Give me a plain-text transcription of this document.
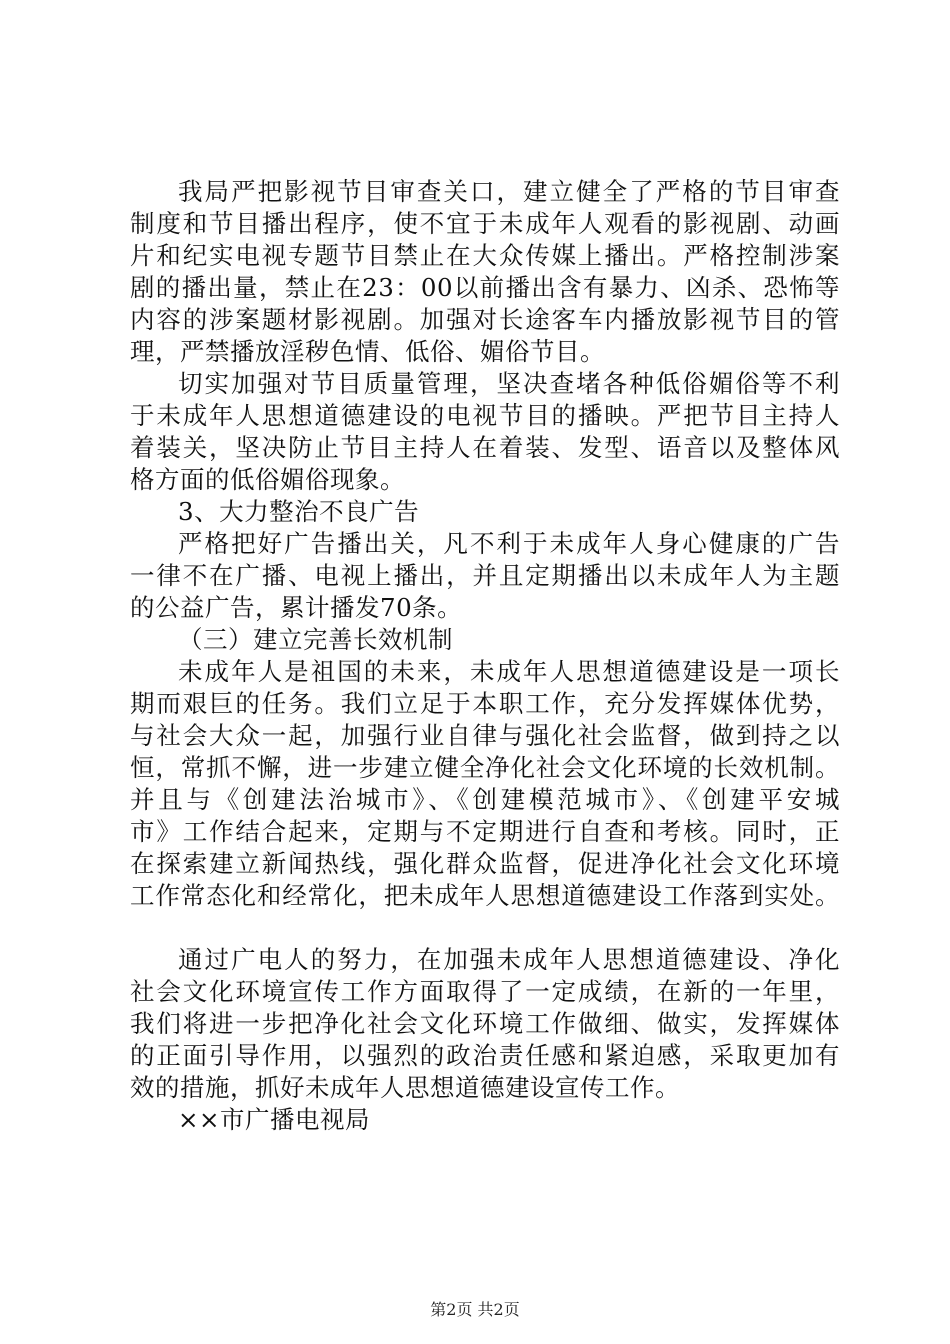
我局严把影视节目审查关口，建立健全了严格的节目审查
制度和节目播出程序，使不宜于未成年人观看的影视剧、动画
片和纪实电视专题节目禁止在大众传媒上播出。严格控制涉案
剧的播出量，禁止在23：00以前播出含有暴力、凶杀、恐怖等
内容的涉案题材影视剧。加强对长途客车内播放影视节目的管
理，严禁播放淫秽色情、低俗、媚俗节目。
切实加强对节目质量管理，坚决查堵各种低俗媚俗等不利
于未成年人思想道德建设的电视节目的播映。严把节目主持人
着装关，坚决防止节目主持人在着装、发型、语音以及整体风
格方面的低俗媚俗现象。
3、大力整治不良广告
严格把好广告播出关，凡不利于未成年人身心健康的广告
一律不在广播、电视上播出，并且定期播出以未成年人为主题
的公益广告，累计播发70条。
（三）建立完善长效机制
未成年人是祖国的未来，未成年人思想道德建设是一项长
期而艰巨的任务。我们立足于本职工作，充分发挥媒体优势，
与社会大众一起，加强行业自律与强化社会监督，做到持之以
恒，常抓不懈，进一步建立健全净化社会文化环境的长效机制。
并且与《创建法治城市》、《创建模范城市》、《创建平安城
市》工作结合起来，定期与不定期进行自查和考核。同时，正
在探索建立新闻热线，强化群众监督，促进净化社会文化环境
工作常态化和经常化，把未成年人思想道德建设工作落到实处。
通过广电人的努力，在加强未成年人思想道德建设、净化
社会文化环境宣传工作方面取得了一定成绩，在新的一年里，
我们将进一步把净化社会文化环境工作做细、做实，发挥媒体
的正面引导作用，以强烈的政治责任感和紧迫感，采取更加有
效的措施，抓好未成年人思想道德建设宣传工作。
××市广播电视局
第2页 共2页
